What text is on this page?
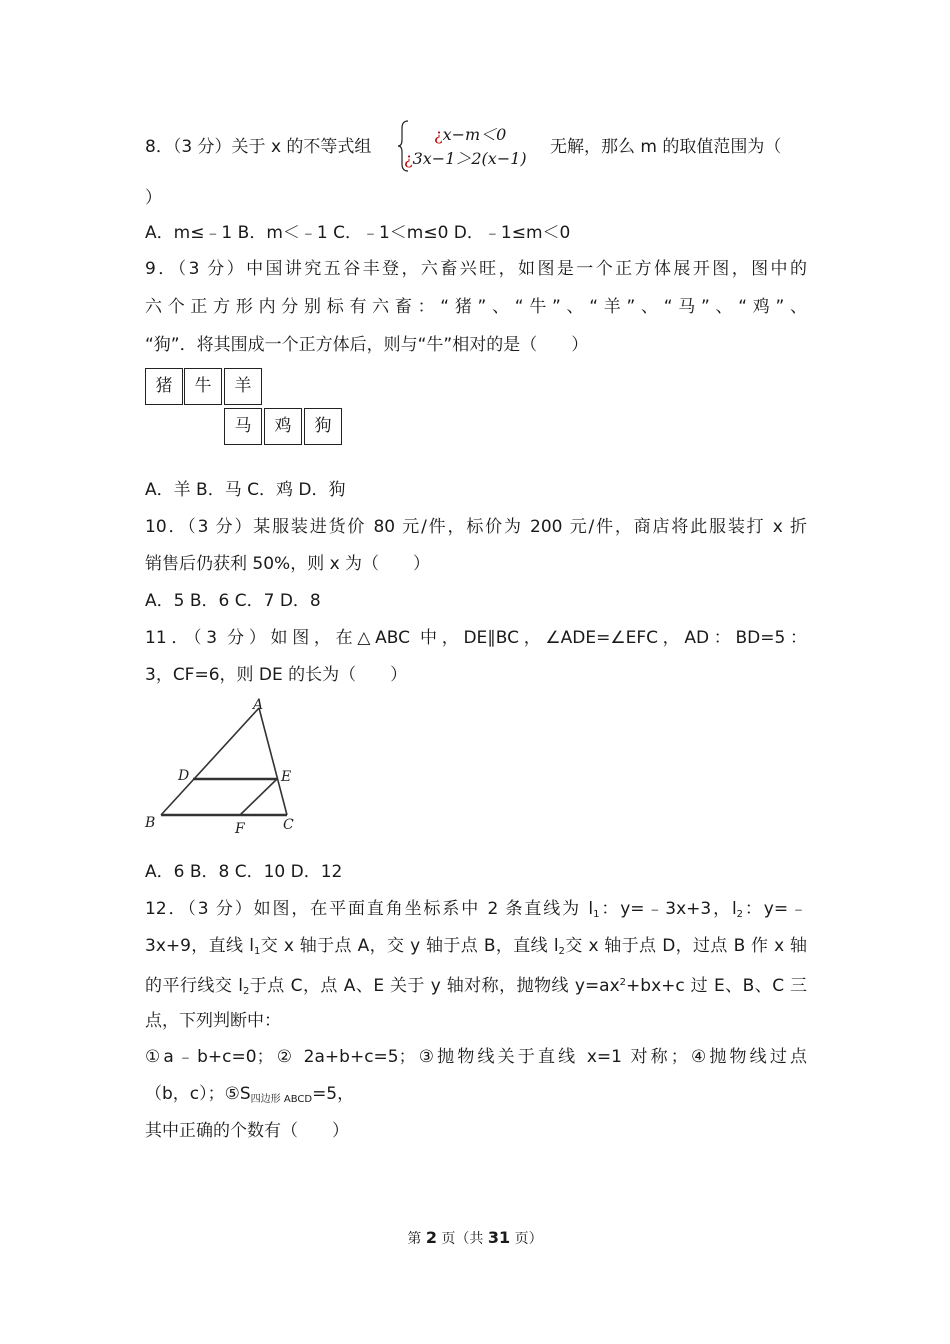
8．（3 分）关于 x 的不等式组
¿x−m＜0
¿3x−1＞2(x−1)
无解，那么 m 的取值范围为（
）
A．m≤﹣1 B．m＜﹣1 C．﹣1＜m≤0 D．﹣1≤m＜0
9．（3 分）中国讲究五谷丰登，六畜兴旺，如图是一个正方体展开图，图中的
六个正方形内分别标有六畜：“猪”、“牛”、“羊”、“马”、“鸡”、
“狗”．将其围成一个正方体后，则与“牛”相对的是（　　）
猪	牛	羊
马	鸡	狗
A．羊 B．马 C．鸡 D．狗
10．（3 分）某服装进货价 80 元/件，标价为 200 元/件，商店将此服装打 x 折
销售后仍获利 50%，则 x 为（　　）
A．5 B．6 C．7 D．8
11．（3 分）如图，在△ABC 中，DE∥BC，∠ADE=∠EFC，AD：BD=5：
3，CF=6，则 DE 的长为（　　）
A
D	E
B	F	C
A．6 B．8 C．10 D．12
12．（3 分）如图，在平面直角坐标系中 2 条直线为 $l_1$：y=﹣3x+3，$l_2$：y=﹣
3x+9，直线 $l_1$交 x 轴于点 A，交 y 轴于点 B，直线 $l_2$交 x 轴于点 D，过点 B 作 x 轴
的平行线交 $l_2$于点 C，点 A、E 关于 y 轴对称，抛物线 $y=ax^2+bx+c$ 过 E、B、C 三
点，下列判断中：
①a﹣b+c=0；② 2a+b+c=5；③抛物线关于直线 x=1 对称；④抛物线过点
（b，c）；$⑤S_{四边形 ABCD}=5$，
其中正确的个数有（　　）
第 2 页（共 31 页）
